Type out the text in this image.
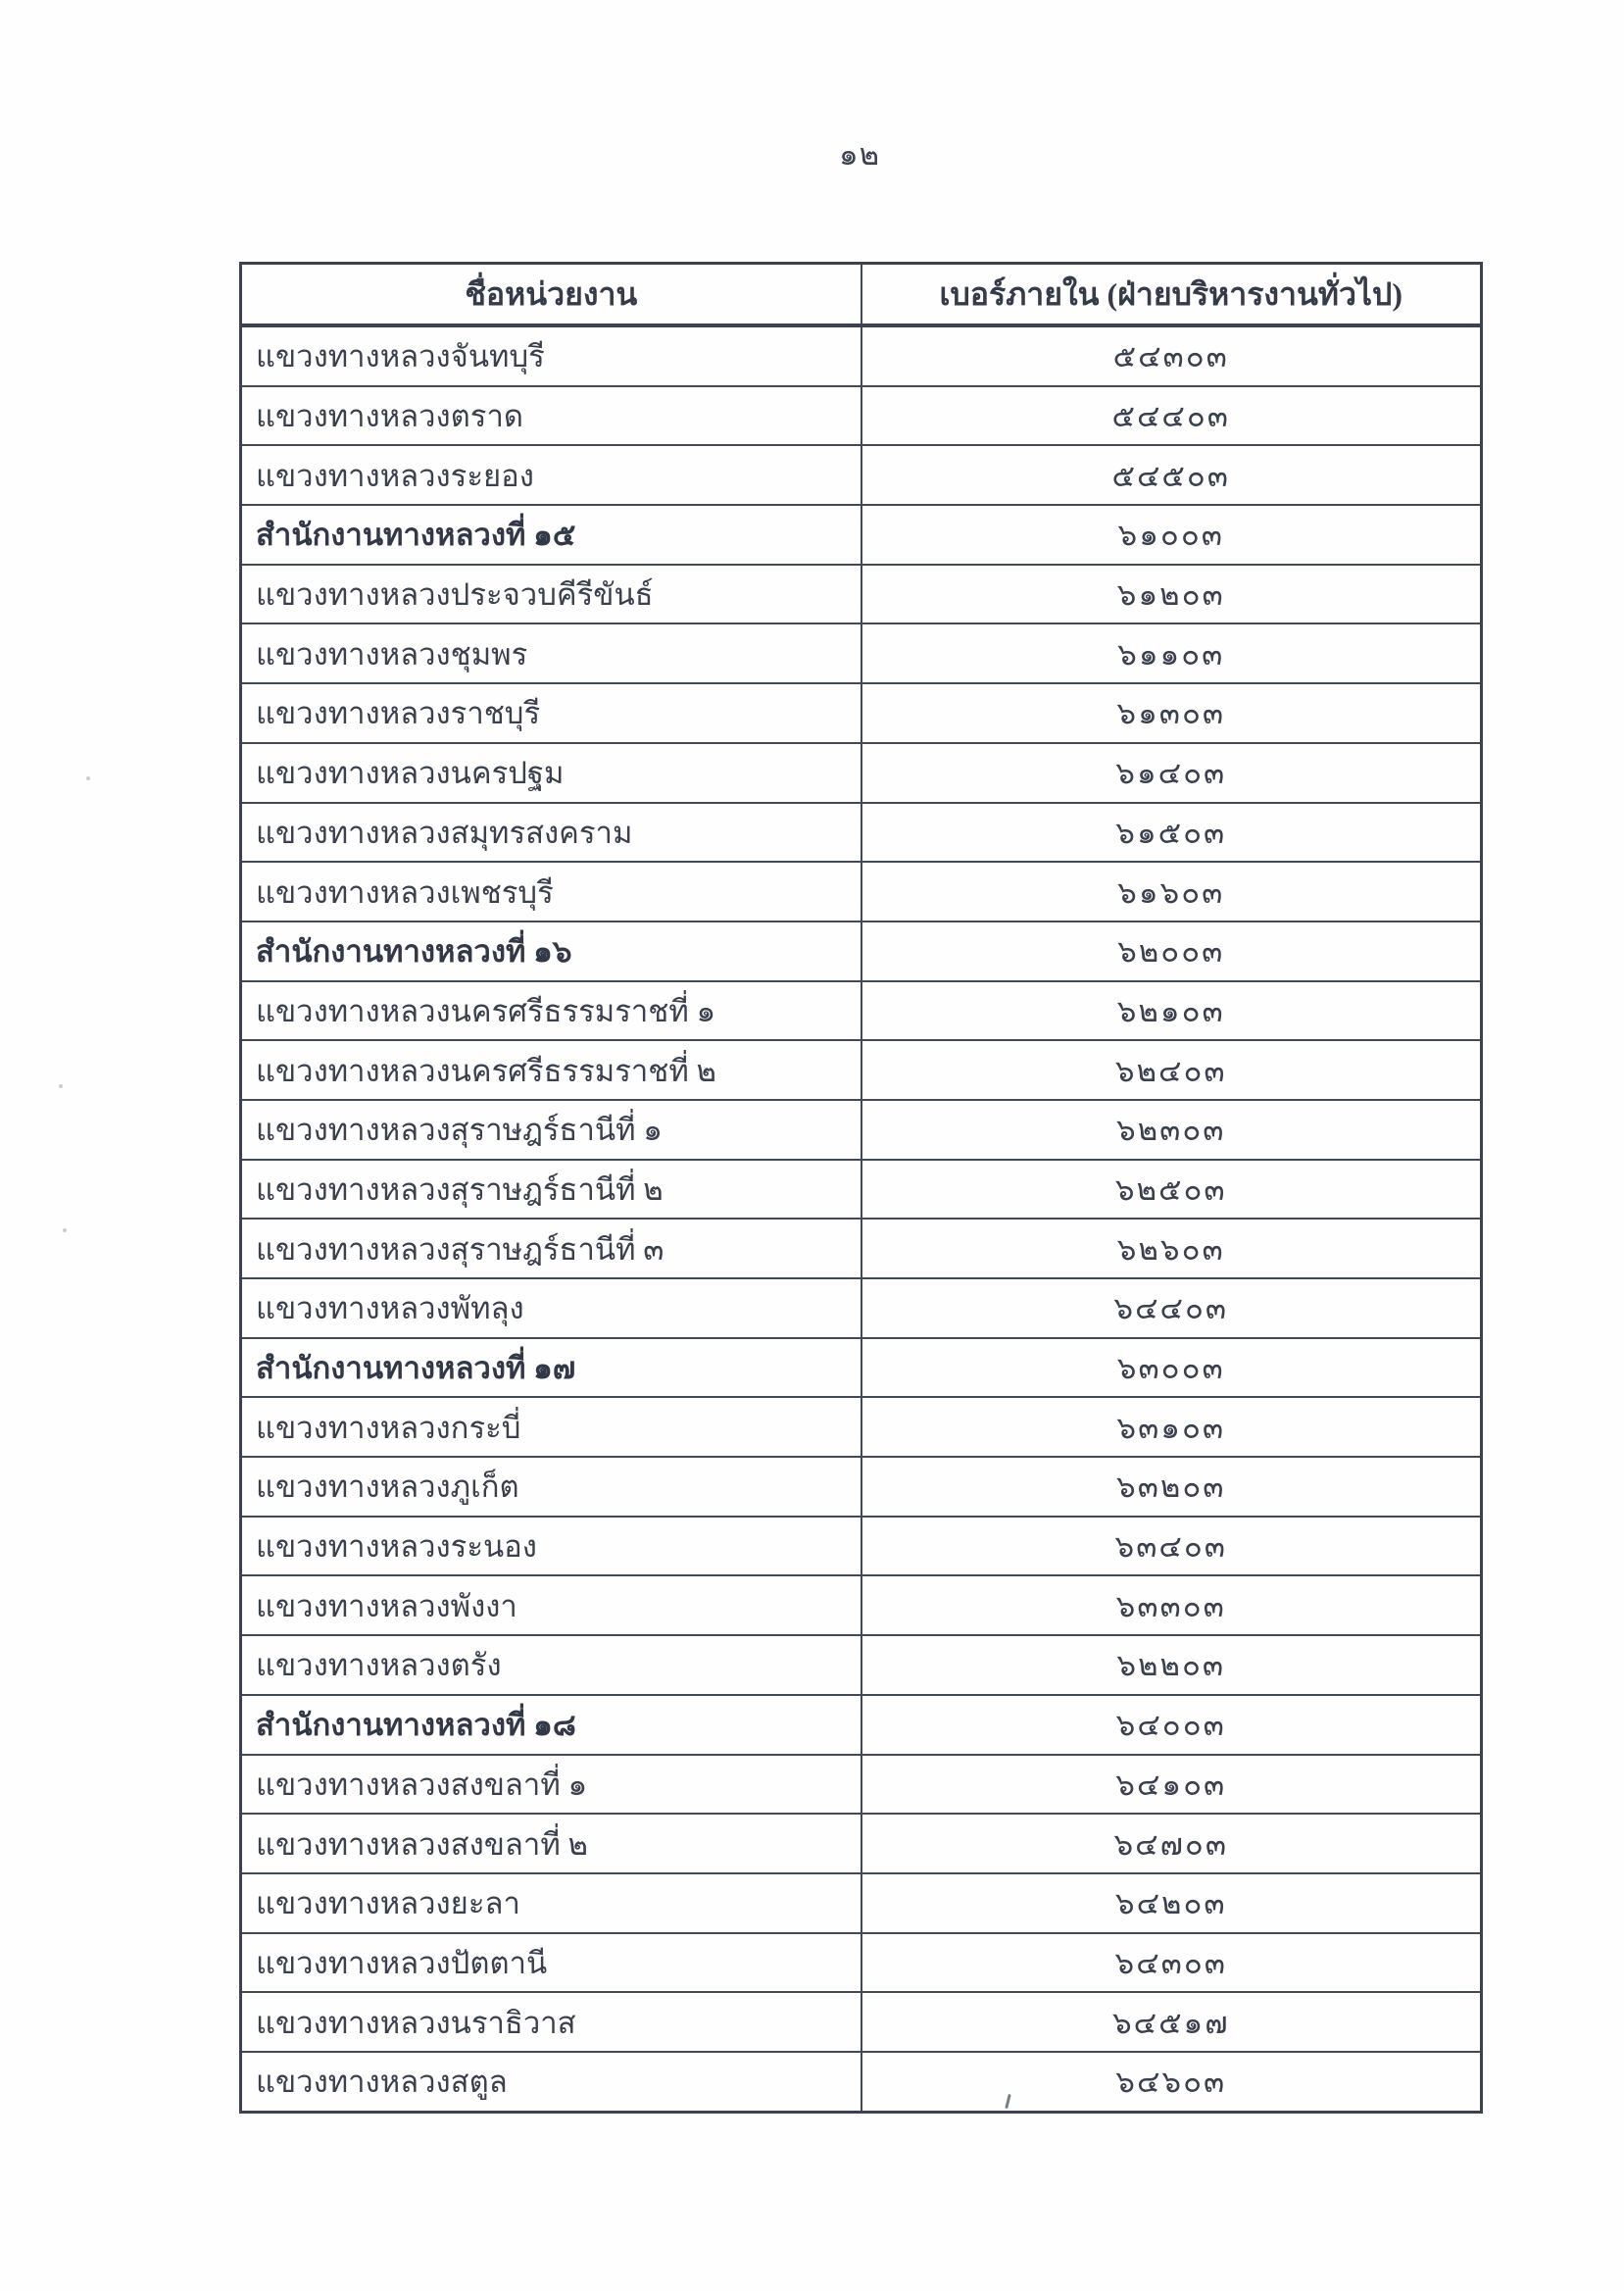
๑๒
ชื่อหน่วยงาน	เบอร์ภายใน (ฝ่ายบริหารงานทั่วไป)
แขวงทางหลวงจันทบุรี	๕๔๓๐๓
แขวงทางหลวงตราด	๕๔๔๐๓
แขวงทางหลวงระยอง	๕๔๕๐๓
สำนักงานทางหลวงที่ ๑๕	๖๑๐๐๓
แขวงทางหลวงประจวบคีรีขันธ์	๖๑๒๐๓
แขวงทางหลวงชุมพร	๖๑๑๐๓
แขวงทางหลวงราชบุรี	๖๑๓๐๓
แขวงทางหลวงนครปฐม	๖๑๔๐๓
แขวงทางหลวงสมุทรสงคราม	๖๑๕๐๓
แขวงทางหลวงเพชรบุรี	๖๑๖๐๓
สำนักงานทางหลวงที่ ๑๖	๖๒๐๐๓
แขวงทางหลวงนครศรีธรรมราชที่ ๑	๖๒๑๐๓
แขวงทางหลวงนครศรีธรรมราชที่ ๒	๖๒๔๐๓
แขวงทางหลวงสุราษฎร์ธานีที่ ๑	๖๒๓๐๓
แขวงทางหลวงสุราษฎร์ธานีที่ ๒	๖๒๕๐๓
แขวงทางหลวงสุราษฎร์ธานีที่ ๓	๖๒๖๐๓
แขวงทางหลวงพัทลุง	๖๔๔๐๓
สำนักงานทางหลวงที่ ๑๗	๖๓๐๐๓
แขวงทางหลวงกระบี่	๖๓๑๐๓
แขวงทางหลวงภูเก็ต	๖๓๒๐๓
แขวงทางหลวงระนอง	๖๓๔๐๓
แขวงทางหลวงพังงา	๖๓๓๐๓
แขวงทางหลวงตรัง	๖๒๒๐๓
สำนักงานทางหลวงที่ ๑๘	๖๔๐๐๓
แขวงทางหลวงสงขลาที่ ๑	๖๔๑๐๓
แขวงทางหลวงสงขลาที่ ๒	๖๔๗๐๓
แขวงทางหลวงยะลา	๖๔๒๐๓
แขวงทางหลวงปัตตานี	๖๔๓๐๓
แขวงทางหลวงนราธิวาส	๖๔๕๑๗
แขวงทางหลวงสตูล	๖๔๖๐๓
